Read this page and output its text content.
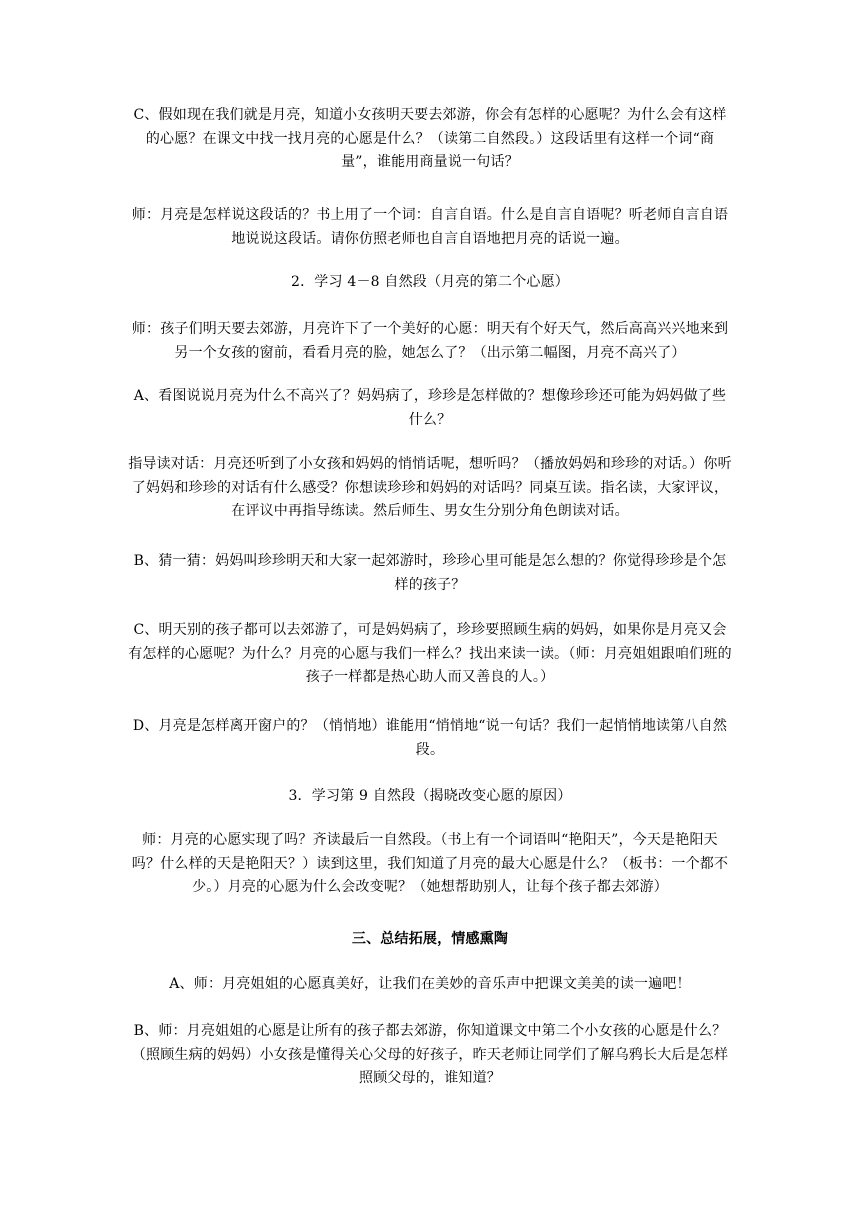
C、假如现在我们就是月亮，知道小女孩明天要去郊游，你会有怎样的心愿呢？为什么会有这样的心愿？在课文中找一找月亮的心愿是什么？（读第二自然段。）这段话里有这样一个词“商量”，谁能用商量说一句话？

师：月亮是怎样说这段话的？书上用了一个词：自言自语。什么是自言自语呢？听老师自言自语地说说这段话。请你仿照老师也自言自语地把月亮的话说一遍。

2．学习 4－8 自然段（月亮的第二个心愿）

师：孩子们明天要去郊游，月亮许下了一个美好的心愿：明天有个好天气，然后高高兴兴地来到另一个女孩的窗前，看看月亮的脸，她怎么了？（出示第二幅图，月亮不高兴了）

A、看图说说月亮为什么不高兴了？妈妈病了，珍珍是怎样做的？想像珍珍还可能为妈妈做了些什么？

指导读对话：月亮还听到了小女孩和妈妈的悄悄话呢，想听吗？（播放妈妈和珍珍的对话。）你听了妈妈和珍珍的对话有什么感受？你想读珍珍和妈妈的对话吗？同桌互读。指名读，大家评议，在评议中再指导练读。然后师生、男女生分别分角色朗读对话。

B、猜一猜：妈妈叫珍珍明天和大家一起郊游时，珍珍心里可能是怎么想的？你觉得珍珍是个怎样的孩子？

C、明天别的孩子都可以去郊游了，可是妈妈病了，珍珍要照顾生病的妈妈，如果你是月亮又会有怎样的心愿呢？为什么？月亮的心愿与我们一样么？找出来读一读。（师：月亮姐姐跟咱们班的孩子一样都是热心助人而又善良的人。）

D、月亮是怎样离开窗户的？（悄悄地）谁能用“悄悄地“说一句话？我们一起悄悄地读第八自然段。

3．学习第 9 自然段（揭晓改变心愿的原因）

师：月亮的心愿实现了吗？齐读最后一自然段。（书上有一个词语叫“艳阳天”，今天是艳阳天吗？什么样的天是艳阳天？）读到这里，我们知道了月亮的最大心愿是什么？（板书：一个都不少。）月亮的心愿为什么会改变呢？（她想帮助别人，让每个孩子都去郊游）

三、总结拓展，情感熏陶

A、师：月亮姐姐的心愿真美好，让我们在美妙的音乐声中把课文美美的读一遍吧！

B、师：月亮姐姐的心愿是让所有的孩子都去郊游，你知道课文中第二个小女孩的心愿是什么？（照顾生病的妈妈）小女孩是懂得关心父母的好孩子，昨天老师让同学们了解乌鸦长大后是怎样照顾父母的，谁知道？
